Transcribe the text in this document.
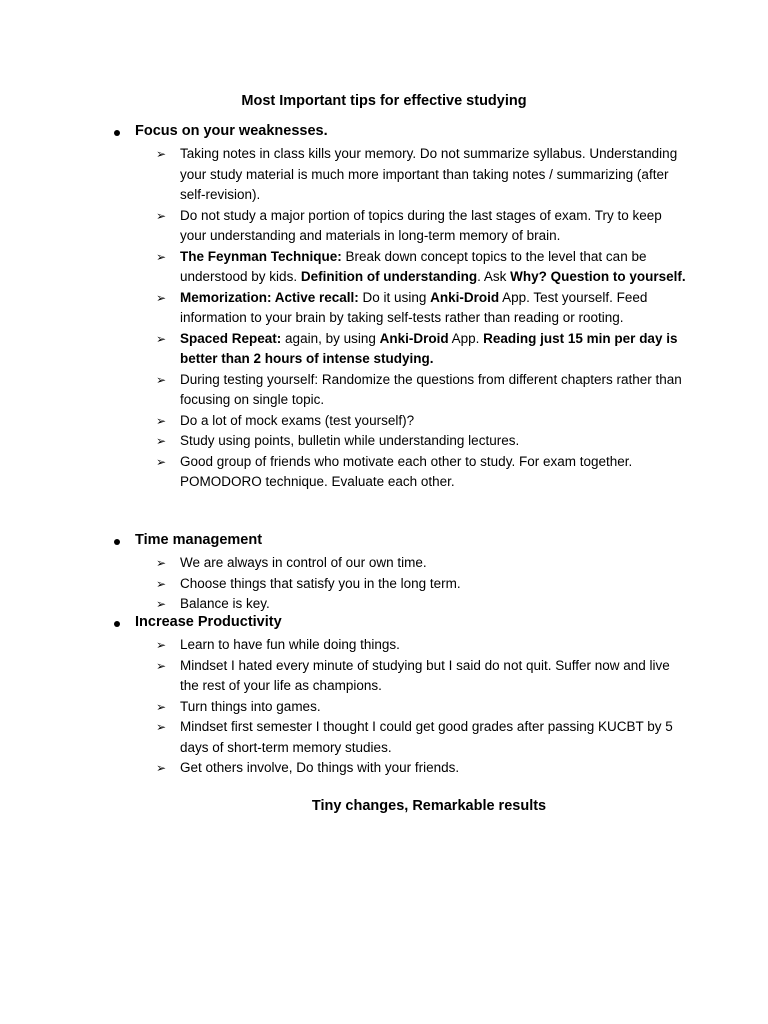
Most Important tips for effective studying
Focus on your weaknesses.
➢ Taking notes in class kills your memory. Do not summarize syllabus. Understanding your study material is much more important than taking notes / summarizing (after self-revision).
➢ Do not study a major portion of topics during the last stages of exam. Try to keep your understanding and materials in long-term memory of brain.
➢ The Feynman Technique: Break down concept topics to the level that can be understood by kids. Definition of understanding. Ask Why? Question to yourself.
➢ Memorization: Active recall: Do it using Anki-Droid App. Test yourself. Feed information to your brain by taking self-tests rather than reading or rooting.
➢ Spaced Repeat: again, by using Anki-Droid App. Reading just 15 min per day is better than 2 hours of intense studying.
➢ During testing yourself: Randomize the questions from different chapters rather than focusing on single topic.
➢ Do a lot of mock exams (test yourself)?
➢ Study using points, bulletin while understanding lectures.
➢ Good group of friends who motivate each other to study. For exam together. POMODORO technique. Evaluate each other.
Time management
➢ We are always in control of our own time.
➢ Choose things that satisfy you in the long term.
➢ Balance is key.
Increase Productivity
➢ Learn to have fun while doing things.
➢ Mindset I hated every minute of studying but I said do not quit. Suffer now and live the rest of your life as champions.
➢ Turn things into games.
➢ Mindset first semester I thought I could get good grades after passing KUCBT by 5 days of short-term memory studies.
➢ Get others involve, Do things with your friends.
Tiny changes, Remarkable results
